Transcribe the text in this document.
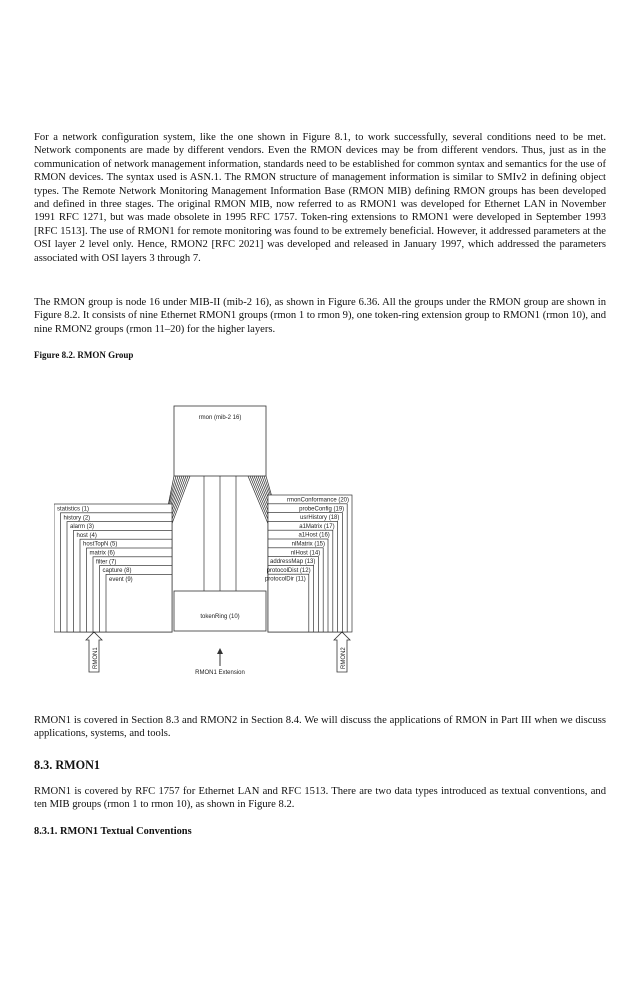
For a network configuration system, like the one shown in Figure 8.1, to work successfully, several conditions need to be met. Network components are made by different vendors. Even the RMON devices may be from different vendors. Thus, just as in the communication of network management information, standards need to be established for common syntax and semantics for the use of RMON devices. The syntax used is ASN.1. The RMON structure of management information is similar to SMIv2 in defining object types. The Remote Network Monitoring Management Information Base (RMON MIB) defining RMON groups has been developed and defined in three stages. The original RMON MIB, now referred to as RMON1 was developed for Ethernet LAN in November 1991 RFC 1271, but was made obsolete in 1995 RFC 1757. Token-ring extensions to RMON1 were developed in September 1993 [RFC 1513]. The use of RMON1 for remote monitoring was found to be extremely beneficial. However, it addressed parameters at the OSI layer 2 level only. Hence, RMON2 [RFC 2021] was developed and released in January 1997, which addressed the parameters associated with OSI layers 3 through 7.

The RMON group is node 16 under MIB-II (mib-2 16), as shown in Figure 6.36. All the groups under the RMON group are shown in Figure 8.2. It consists of nine Ethernet RMON1 groups (rmon 1 to rmon 9), one token-ring extension group to RMON1 (rmon 10), and nine RMON2 groups (rmon 11–20) for the higher layers.

Figure 8.2. RMON Group
statistics (1)
history (2)
alarm (3)
host (4)
hostTopN (5)
matrix (6)
filter (7)
capture (8)
event (9)
rmonConformance (20)
probeConfig (19)
usrHistory (18)
a1Matrix (17)
a1Host (16)
nlMatrix (15)
nlHost (14)
addressMap (13)
protocolDist (12)
protocolDir (11)
rmon (mib-2 16)
tokenRing (10)
RMON1	RMON2
RMON1 Extension

RMON1 is covered in Section 8.3 and RMON2 in Section 8.4. We will discuss the applications of RMON in Part III when we discuss applications, systems, and tools.

8.3. RMON1

RMON1 is covered by RFC 1757 for Ethernet LAN and RFC 1513. There are two data types introduced as textual conventions, and ten MIB groups (rmon 1 to rmon 10), as shown in Figure 8.2.

8.3.1. RMON1 Textual Conventions
